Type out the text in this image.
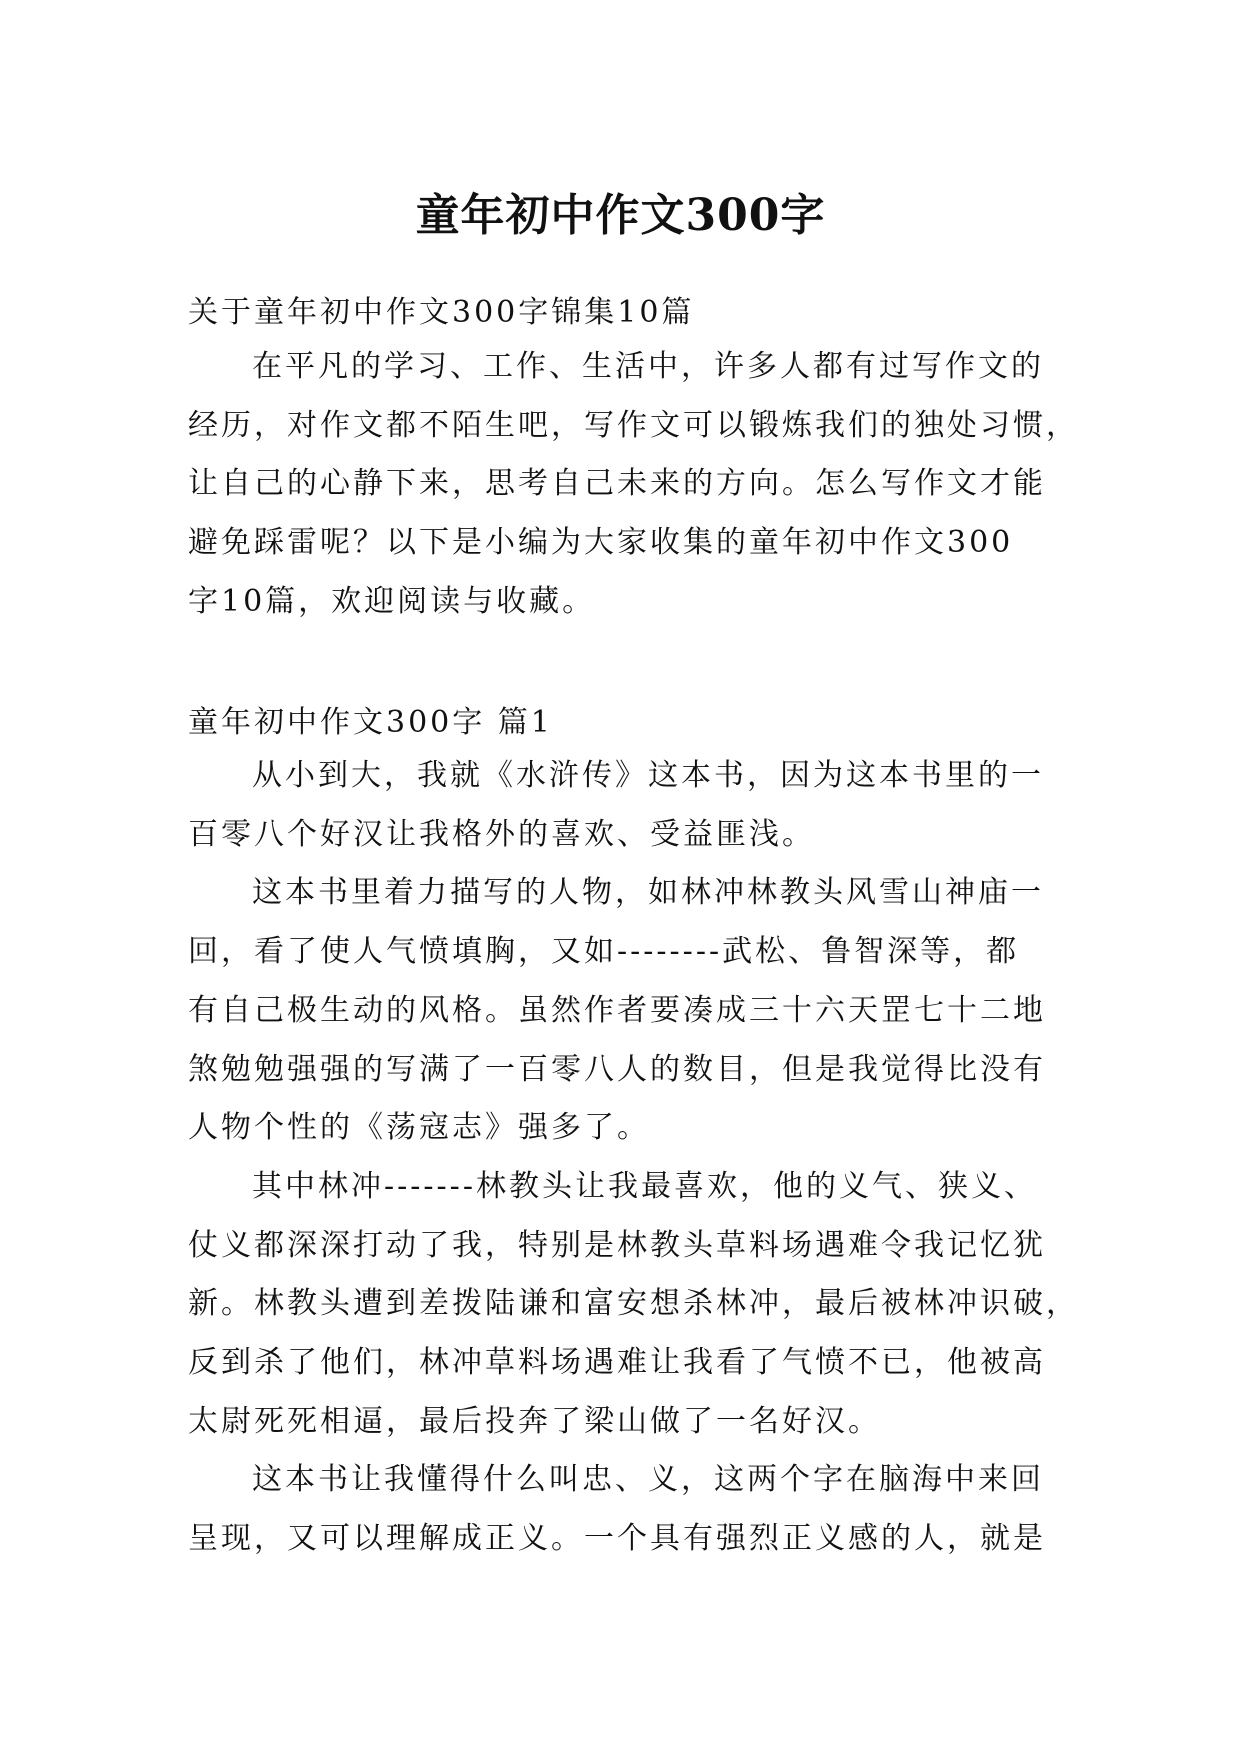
童年初中作文300字
关于童年初中作文300字锦集10篇
在平凡的学习、工作、生活中，许多人都有过写作文的
经历，对作文都不陌生吧，写作文可以锻炼我们的独处习惯，
让自己的心静下来，思考自己未来的方向。怎么写作文才能
避免踩雷呢？以下是小编为大家收集的童年初中作文300
字10篇，欢迎阅读与收藏。
童年初中作文300字 篇1
从小到大，我就《水浒传》这本书，因为这本书里的一
百零八个好汉让我格外的喜欢、受益匪浅。
这本书里着力描写的人物，如林冲林教头风雪山神庙一
回，看了使人气愤填胸，又如--------武松、鲁智深等，都
有自己极生动的风格。虽然作者要凑成三十六天罡七十二地
煞勉勉强强的写满了一百零八人的数目，但是我觉得比没有
人物个性的《荡寇志》强多了。
其中林冲-------林教头让我最喜欢，他的义气、狭义、
仗义都深深打动了我，特别是林教头草料场遇难令我记忆犹
新。林教头遭到差拨陆谦和富安想杀林冲，最后被林冲识破，
反到杀了他们，林冲草料场遇难让我看了气愤不已，他被高
太尉死死相逼，最后投奔了梁山做了一名好汉。
这本书让我懂得什么叫忠、义，这两个字在脑海中来回
呈现，又可以理解成正义。一个具有强烈正义感的人，就是
